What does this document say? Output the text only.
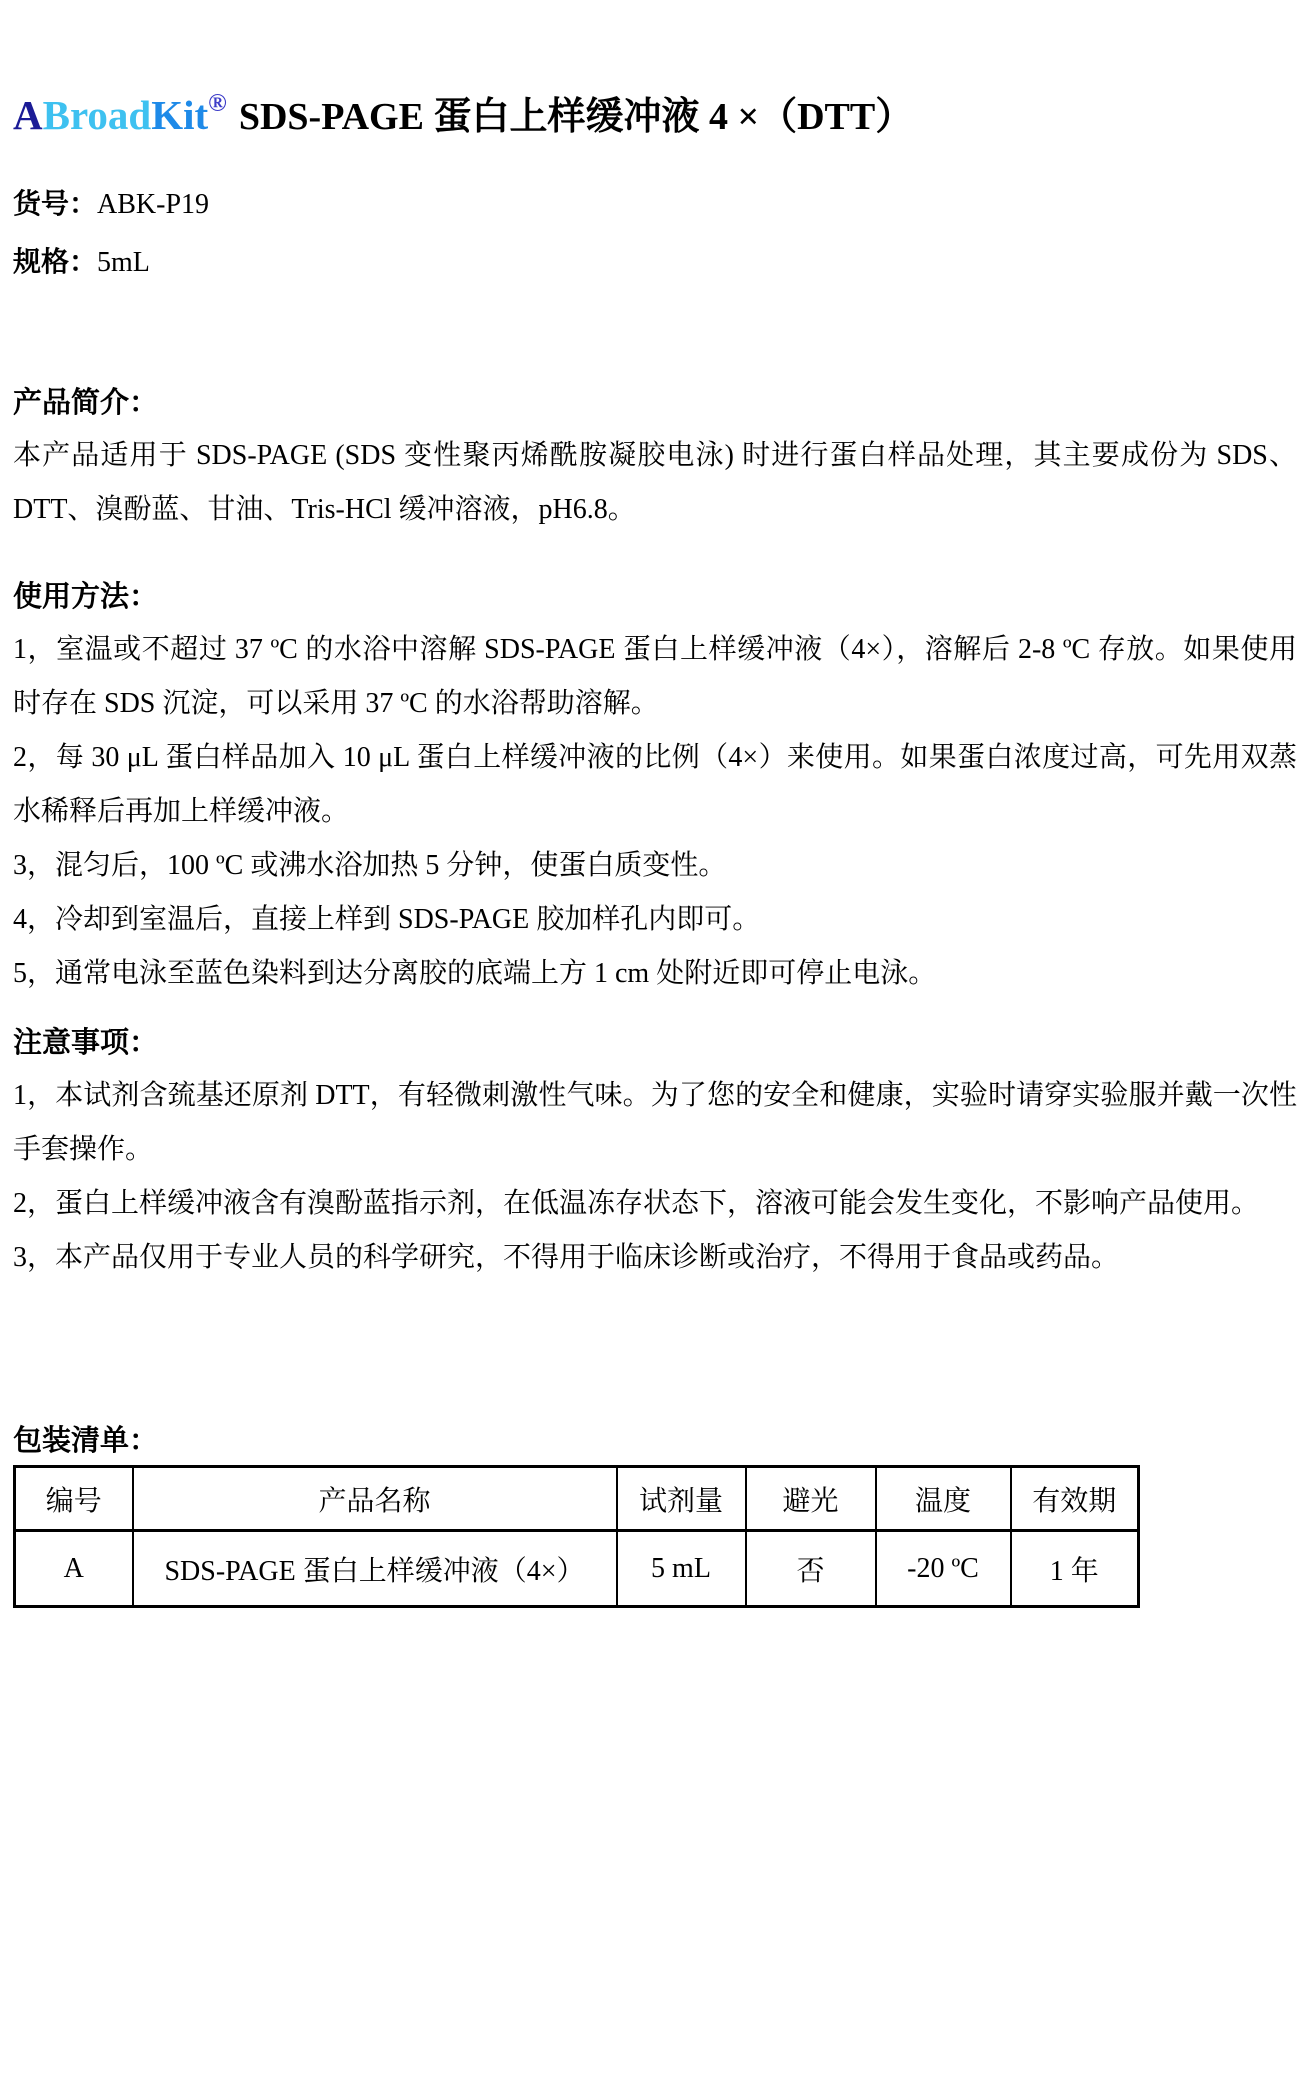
ABroadKit® SDS-PAGE 蛋白上样缓冲液 4 ×（DTT）
货号：ABK-P19
规格：5mL
产品简介：

本产品适用于 SDS-PAGE (SDS 变性聚丙烯酰胺凝胶电泳) 时进行蛋白样品处理，其主要成份为 SDS、DTT、溴酚蓝、甘油、Tris-HCl 缓冲溶液，pH6.8。

使用方法：

1，室温或不超过 37 ºC 的水浴中溶解 SDS-PAGE 蛋白上样缓冲液（4×），溶解后 2-8 ºC 存放。如果使用时存在 SDS 沉淀，可以采用 37 ºC 的水浴帮助溶解。

2，每 30 μL 蛋白样品加入 10 μL 蛋白上样缓冲液的比例（4×）来使用。如果蛋白浓度过高，可先用双蒸水稀释后再加上样缓冲液。

3，混匀后，100 ºC 或沸水浴加热 5 分钟，使蛋白质变性。

4，冷却到室温后，直接上样到 SDS-PAGE 胶加样孔内即可。

5，通常电泳至蓝色染料到达分离胶的底端上方 1 cm 处附近即可停止电泳。

注意事项：

1，本试剂含巯基还原剂 DTT，有轻微刺激性气味。为了您的安全和健康，实验时请穿实验服并戴一次性手套操作。

2，蛋白上样缓冲液含有溴酚蓝指示剂，在低温冻存状态下，溶液可能会发生变化，不影响产品使用。

3，本产品仅用于专业人员的科学研究，不得用于临床诊断或治疗，不得用于食品或药品。

包装清单：
编号	产品名称	试剂量	避光	温度	有效期
A	SDS-PAGE 蛋白上样缓冲液（4×）	5 mL	否	-20 ºC	1 年
